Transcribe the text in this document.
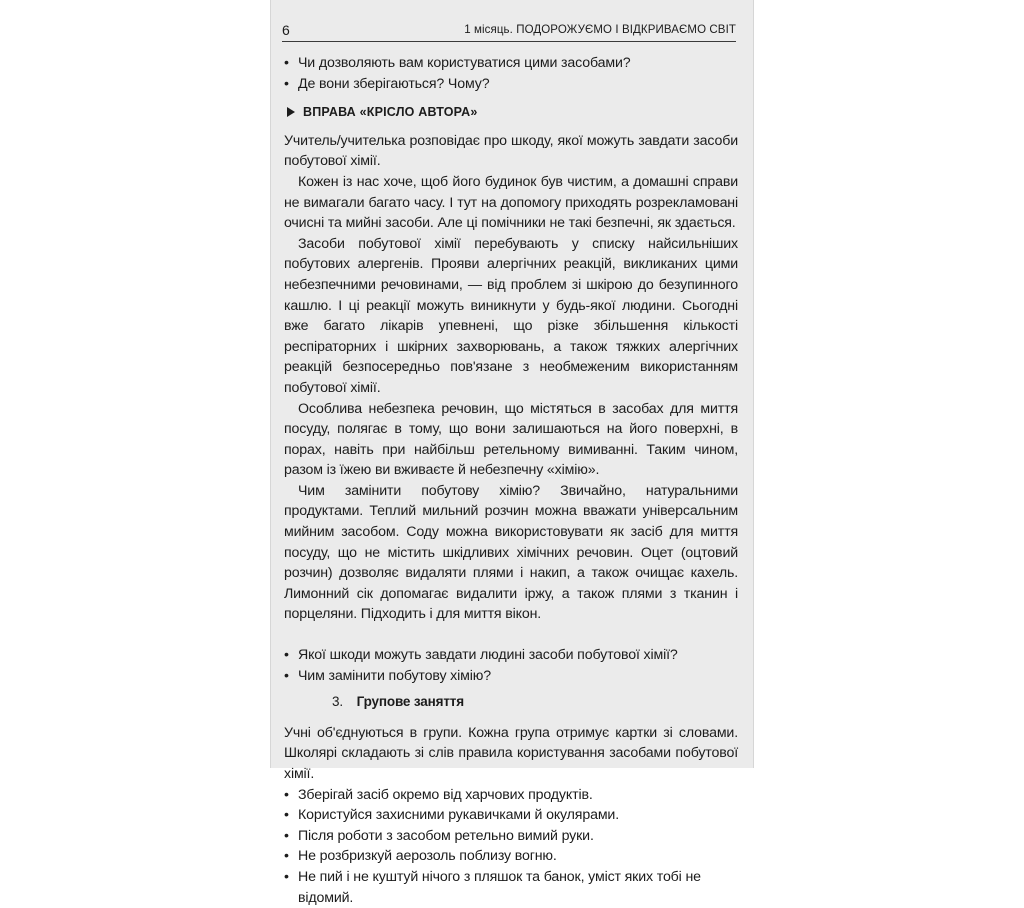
6	1 місяць. ПОДОРОЖУЄМО І ВІДКРИВАЄМО СВІТ
• Чи дозволяють вам користуватися цими засобами?
• Де вони зберігаються? Чому?
ВПРАВА «КРІСЛО АВТОРА»

Учитель/учителька розповідає про шкоду, якої можуть завдати засоби побутової хімії.

Кожен із нас хоче, щоб його будинок був чистим, а домашні справи не вимагали багато часу. І тут на допомогу приходять розрекламовані очисні та мийні засоби. Але ці помічники не такі безпечні, як здається.

Засоби побутової хімії перебувають у списку найсильніших побутових алергенів. Прояви алергічних реакцій, викликаних цими небезпечними речовинами, — від проблем зі шкірою до безупинного кашлю. І ці реакції можуть виникнути у будь-якої людини. Сьогодні вже багато лікарів упевнені, що різке збільшення кількості респіраторних і шкірних захворювань, а також тяжких алергічних реакцій безпосередньо пов'язане з необмеженим використанням побутової хімії.

Особлива небезпека речовин, що містяться в засобах для миття посуду, полягає в тому, що вони залишаються на його поверхні, в порах, навіть при найбільш ретельному вимиванні. Таким чином, разом із їжею ви вживаєте й небезпечну «хімію».

Чим замінити побутову хімію? Звичайно, натуральними продуктами. Теплий мильний розчин можна вважати універсальним мийним засобом. Соду можна використовувати як засіб для миття посуду, що не містить шкідливих хімічних речовин. Оцет (оцтовий розчин) дозволяє видаляти плями і накип, а також очищає кахель. Лимонний сік допомагає видалити іржу, а також плями з тканин і порцеляни. Підходить і для миття вікон.

• Якої шкоди можуть завдати людині засоби побутової хімії?
• Чим замінити побутову хімію?
3. Групове заняття

Учні об'єднуються в групи. Кожна група отримує картки зі словами. Школярі складають зі слів правила користування засобами побутової хімії.

• Зберігай засіб окремо від харчових продуктів.
• Користуйся захисними рукавичками й окулярами.
• Після роботи з засобом ретельно вимий руки.
• Не розбризкуй аерозоль поблизу вогню.
• Не пий і не куштуй нічого з пляшок та банок, уміст яких тобі не відомий.
